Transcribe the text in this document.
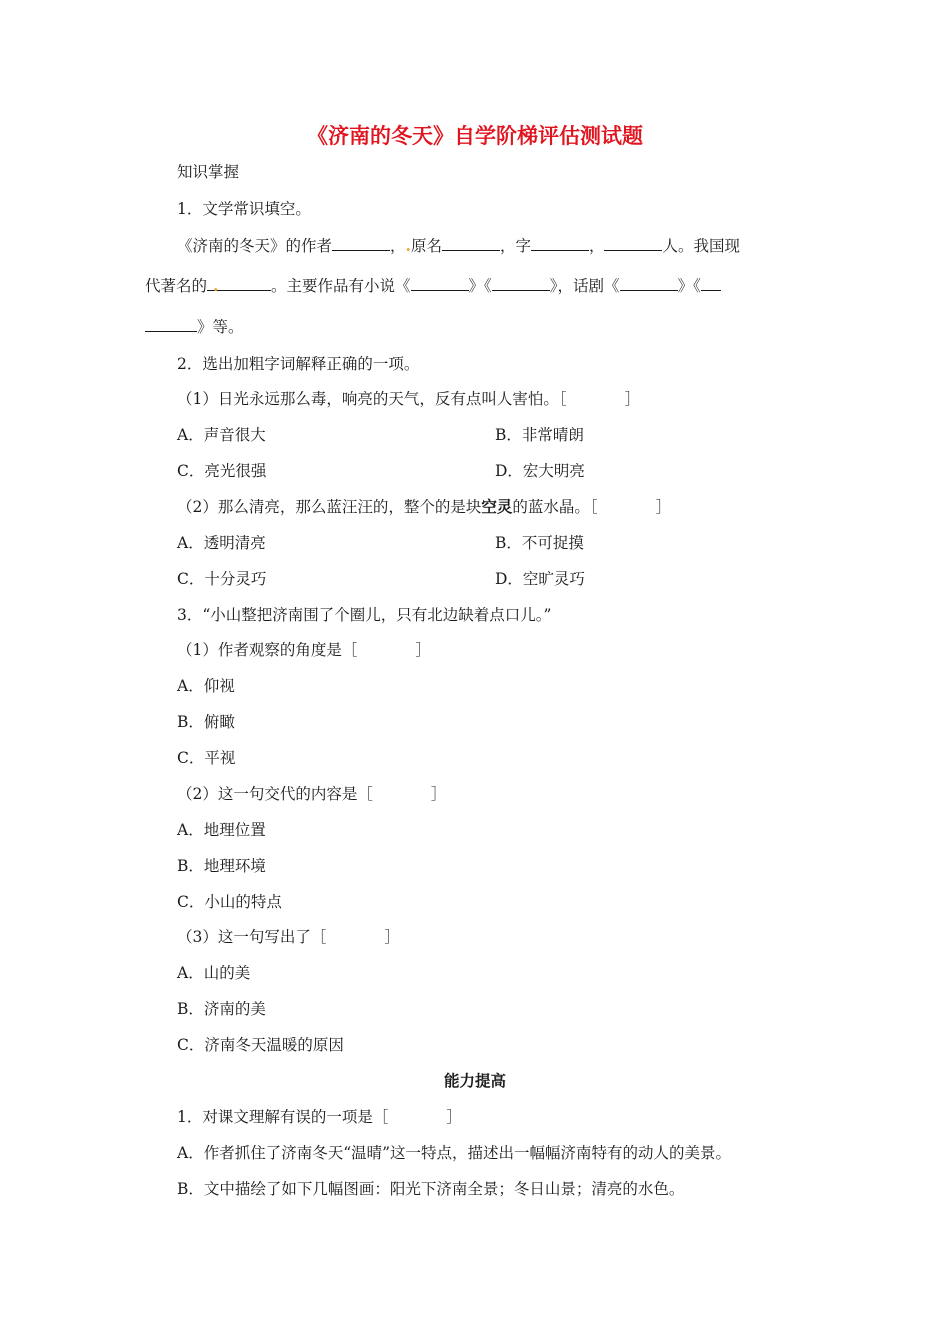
《济南的冬天》自学阶梯评估测试题
知识掌握
1．文学常识填空。
《济南的冬天》的作者	，.原名	，字	，	人。我国现
代著名的 .	。主要作品有小说《	》《	》，话剧《	》《
》等。
2．选出加粗字词解释正确的一项。
（1）日光永远那么毒，响亮的天气，反有点叫人害怕。［	］
A．声音很大	B．非常晴朗
C．亮光很强	D．宏大明亮
（2）那么清亮，那么蓝汪汪的，整个的是块空灵的蓝水晶。［	］
A．透明清亮	B．不可捉摸
C．十分灵巧	D．空旷灵巧
3．“小山整把济南围了个圈儿，只有北边缺着点口儿。”
（1）作者观察的角度是［	］
A．仰视
B．俯瞰
C．平视
（2）这一句交代的内容是［	］
A．地理位置
B．地理环境
C．小山的特点
（3）这一句写出了［	］
A．山的美
B．济南的美
C．济南冬天温暖的原因
能力提高
1．对课文理解有误的一项是［	］
A．作者抓住了济南冬天“温晴”这一特点，描述出一幅幅济南特有的动人的美景。
B．文中描绘了如下几幅图画：阳光下济南全景；冬日山景；清亮的水色。
